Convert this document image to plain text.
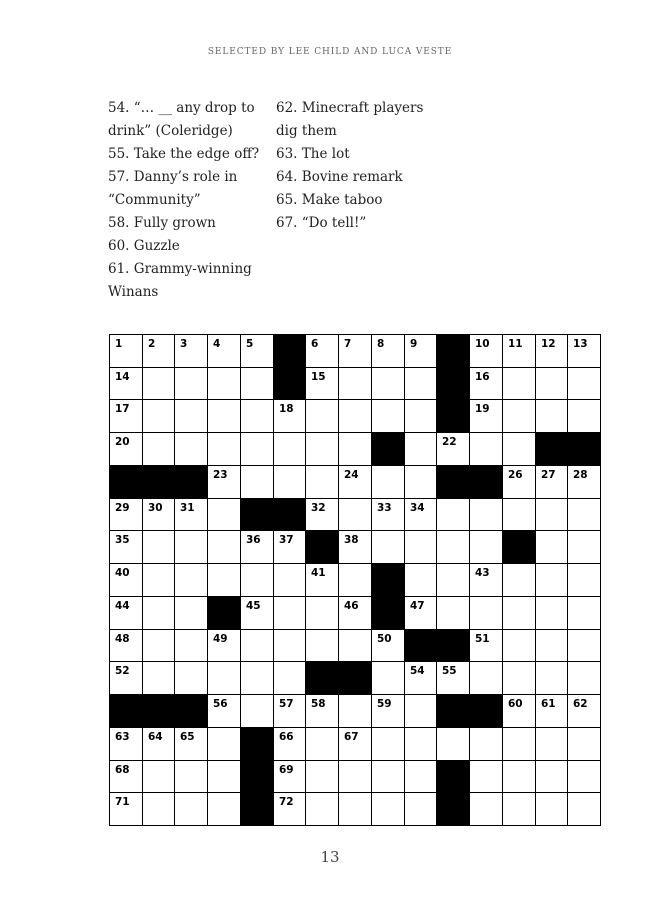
SELECTED BY LEE CHILD AND LUCA VESTE
54. “… __ any drop to drink” (Coleridge)
55. Take the edge off?
57. Danny’s role in “Community”
58. Fully grown
60. Guzzle
61. Grammy-winning Winans
62. Minecraft players dig them
63. The lot
64. Bovine remark
65. Make taboo
67. “Do tell!”
1 2 3 4 5	6 7 8 9	10 11 12 13
14	15	16
17	18	19
20	22
23	24	26 27 28
29 30 31	32	33 34
35	36 37	38
40	41	43
44	45	46	47
48	49	50	51
52	54 55
56	57 58	59	60 61 62
63 64 65	66	67
68	69
71	72
13
